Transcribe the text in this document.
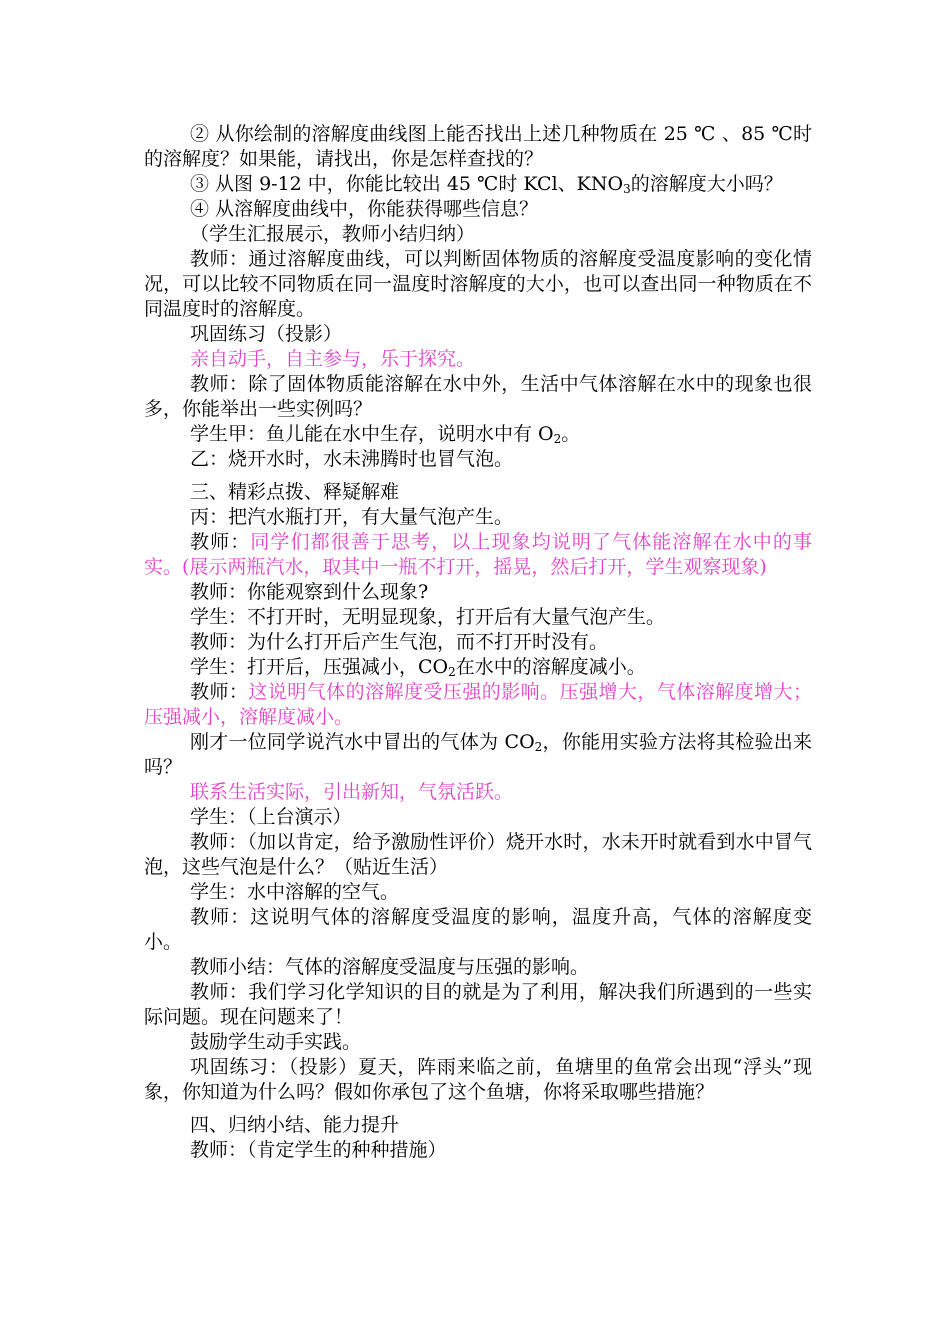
② 从你绘制的溶解度曲线图上能否找出上述几种物质在 25 ℃ 、85 ℃时的溶解度？如果能，请找出，你是怎样查找的？

③ 从图 9-12 中，你能比较出 45 ℃时 KCl、$KNO_3$的溶解度大小吗？

④ 从溶解度曲线中，你能获得哪些信息？

（学生汇报展示，教师小结归纳）

教师：通过溶解度曲线，可以判断固体物质的溶解度受温度影响的变化情况，可以比较不同物质在同一温度时溶解度的大小，也可以查出同一种物质在不同温度时的溶解度。

巩固练习（投影）

亲自动手，自主参与，乐于探究。

教师：除了固体物质能溶解在水中外，生活中气体溶解在水中的现象也很多，你能举出一些实例吗？

学生甲：鱼儿能在水中生存，说明水中有 $O_2$。

乙：烧开水时，水未沸腾时也冒气泡。

三、精彩点拨、释疑解难

丙：把汽水瓶打开，有大量气泡产生。

教师：同学们都很善于思考，以上现象均说明了气体能溶解在水中的事实。(展示两瓶汽水，取其中一瓶不打开，摇晃，然后打开，学生观察现象)

教师：你能观察到什么现象?

学生：不打开时，无明显现象，打开后有大量气泡产生。

教师：为什么打开后产生气泡，而不打开时没有。

学生：打开后，压强减小，$CO_2$在水中的溶解度减小。

教师：这说明气体的溶解度受压强的影响。压强增大，气体溶解度增大；压强减小，溶解度减小。

刚才一位同学说汽水中冒出的气体为 $CO_2$，你能用实验方法将其检验出来吗？

联系生活实际，引出新知，气氛活跃。

学生：（上台演示）

教师：（加以肯定，给予激励性评价）烧开水时，水未开时就看到水中冒气泡，这些气泡是什么？（贴近生活）

学生：水中溶解的空气。

教师：这说明气体的溶解度受温度的影响，温度升高，气体的溶解度变小。

教师小结：气体的溶解度受温度与压强的影响。

教师：我们学习化学知识的目的就是为了利用，解决我们所遇到的一些实际问题。现在问题来了！

鼓励学生动手实践。

巩固练习：（投影）夏天，阵雨来临之前，鱼塘里的鱼常会出现“浮头”现象，你知道为什么吗？假如你承包了这个鱼塘，你将采取哪些措施？

四、归纳小结、能力提升

教师：（肯定学生的种种措施）
